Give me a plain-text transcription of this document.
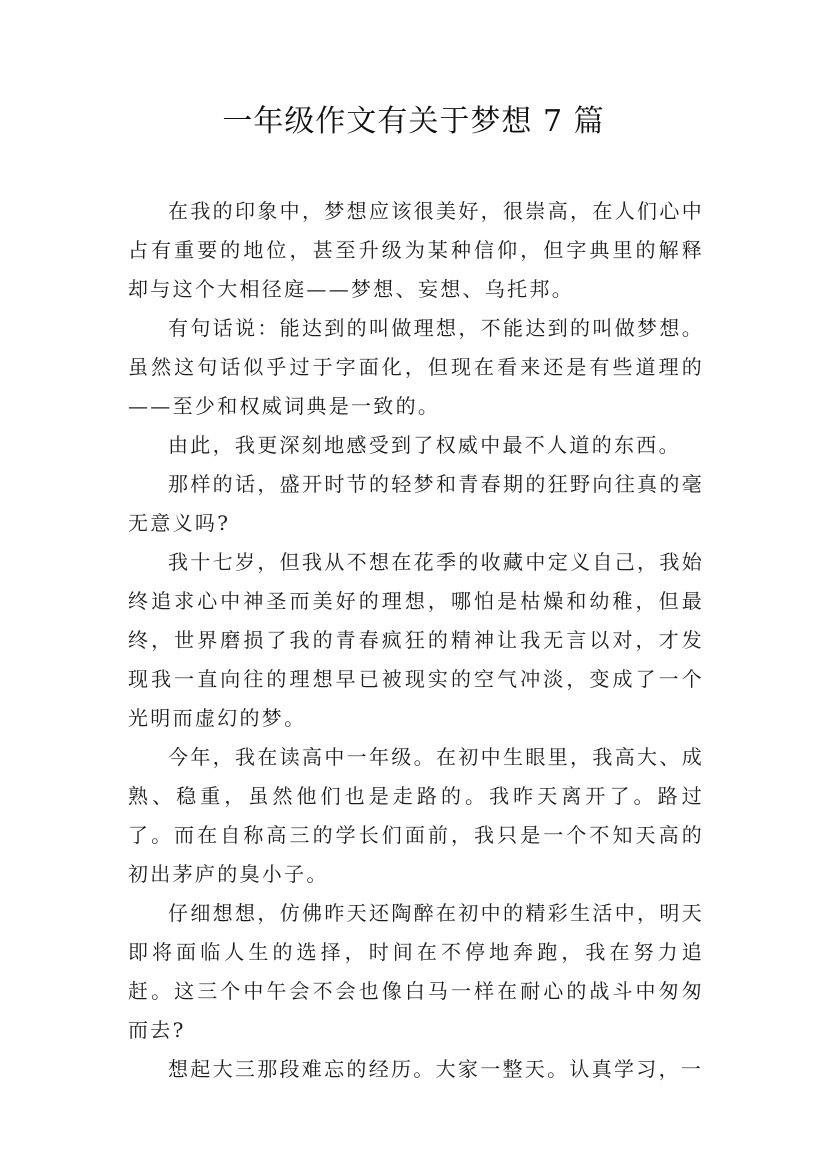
一年级作文有关于梦想 7 篇

在我的印象中，梦想应该很美好，很崇高，在人们心中占有重要的地位，甚至升级为某种信仰，但字典里的解释却与这个大相径庭——梦想、妄想、乌托邦。

有句话说：能达到的叫做理想，不能达到的叫做梦想。虽然这句话似乎过于字面化，但现在看来还是有些道理的——至少和权威词典是一致的。

由此，我更深刻地感受到了权威中最不人道的东西。

那样的话，盛开时节的轻梦和青春期的狂野向往真的毫无意义吗?

我十七岁，但我从不想在花季的收藏中定义自己，我始终追求心中神圣而美好的理想，哪怕是枯燥和幼稚，但最终，世界磨损了我的青春疯狂的精神让我无言以对，才发现我一直向往的理想早已被现实的空气冲淡，变成了一个光明而虚幻的梦。

今年，我在读高中一年级。在初中生眼里，我高大、成熟、稳重，虽然他们也是走路的。我昨天离开了。路过了。而在自称高三的学长们面前，我只是一个不知天高的初出茅庐的臭小子。

仔细想想，仿佛昨天还陶醉在初中的精彩生活中，明天即将面临人生的选择，时间在不停地奔跑，我在努力追赶。这三个中午会不会也像白马一样在耐心的战斗中匆匆而去?

想起大三那段难忘的经历。大家一整天。认真学习，一
